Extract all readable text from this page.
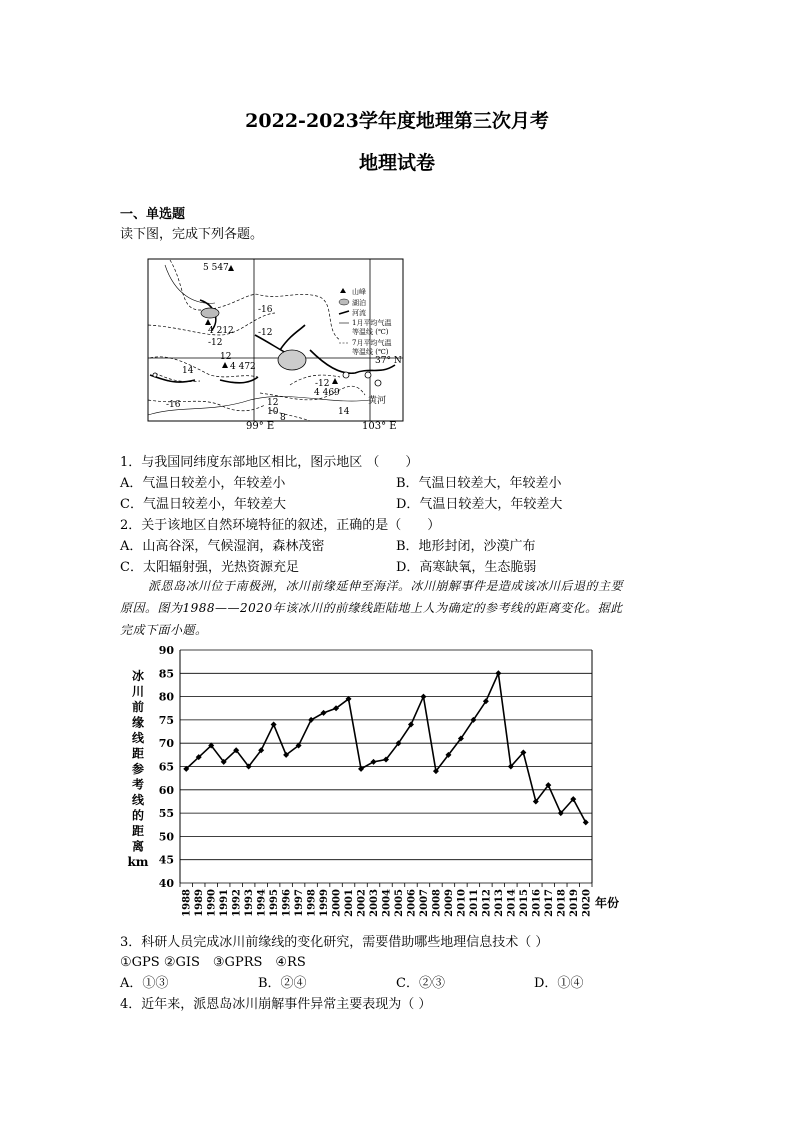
2022-2023学年度地理第三次月考
地理试卷
一、单选题
读下图，完成下列各题。
5 547
4 212
4 472
4 469
-16
-12
-12
-16
14
12
10
8
14
12
-12
黄河
37° N
山峰
湖泊
河流
1月平均气温
等温线 (℃)
7月平均气温
等温线 (℃)
99° E	103° E
1．与我国同纬度东部地区相比，图示地区 （　　）
A．气温日较差小，年较差小	B．气温日较差大，年较差小
C．气温日较差小，年较差大	D．气温日较差大，年较差大
2．关于该地区自然环境特征的叙述，正确的是（　　）
A．山高谷深，气候湿润，森林茂密	B．地形封闭，沙漠广布
C．太阳辐射强，光热资源充足	D．高寒缺氧，生态脆弱
派恩岛冰川位于南极洲，冰川前缘延伸至海洋。冰川崩解事件是造成该冰川后退的主要
原因。图为1988——2020年该冰川的前缘线距陆地上人为确定的参考线的距离变化。据此
完成下面小题。
冰
川
前
缘
线
距
参
考
线
的
距
离
km
40
45
50
55
60
65
70
75
80
85
90
1988 1989 1990 1991 1992 1993 1994 1995 1996 1997 1998 1999 2000 2001 2002 2003 2004 2005 2006 2007 2008 2009 2010 2011 2012 2013 2014 2015 2016 2017 2018 2019 2020 年份
3．科研人员完成冰川前缘线的变化研究，需要借助哪些地理信息技术（ ）
①GPS ②GIS　③GPRS　④RS
A．①③	B．②④	C．②③	D．①④
4．近年来，派恩岛冰川崩解事件异常主要表现为（ ）
